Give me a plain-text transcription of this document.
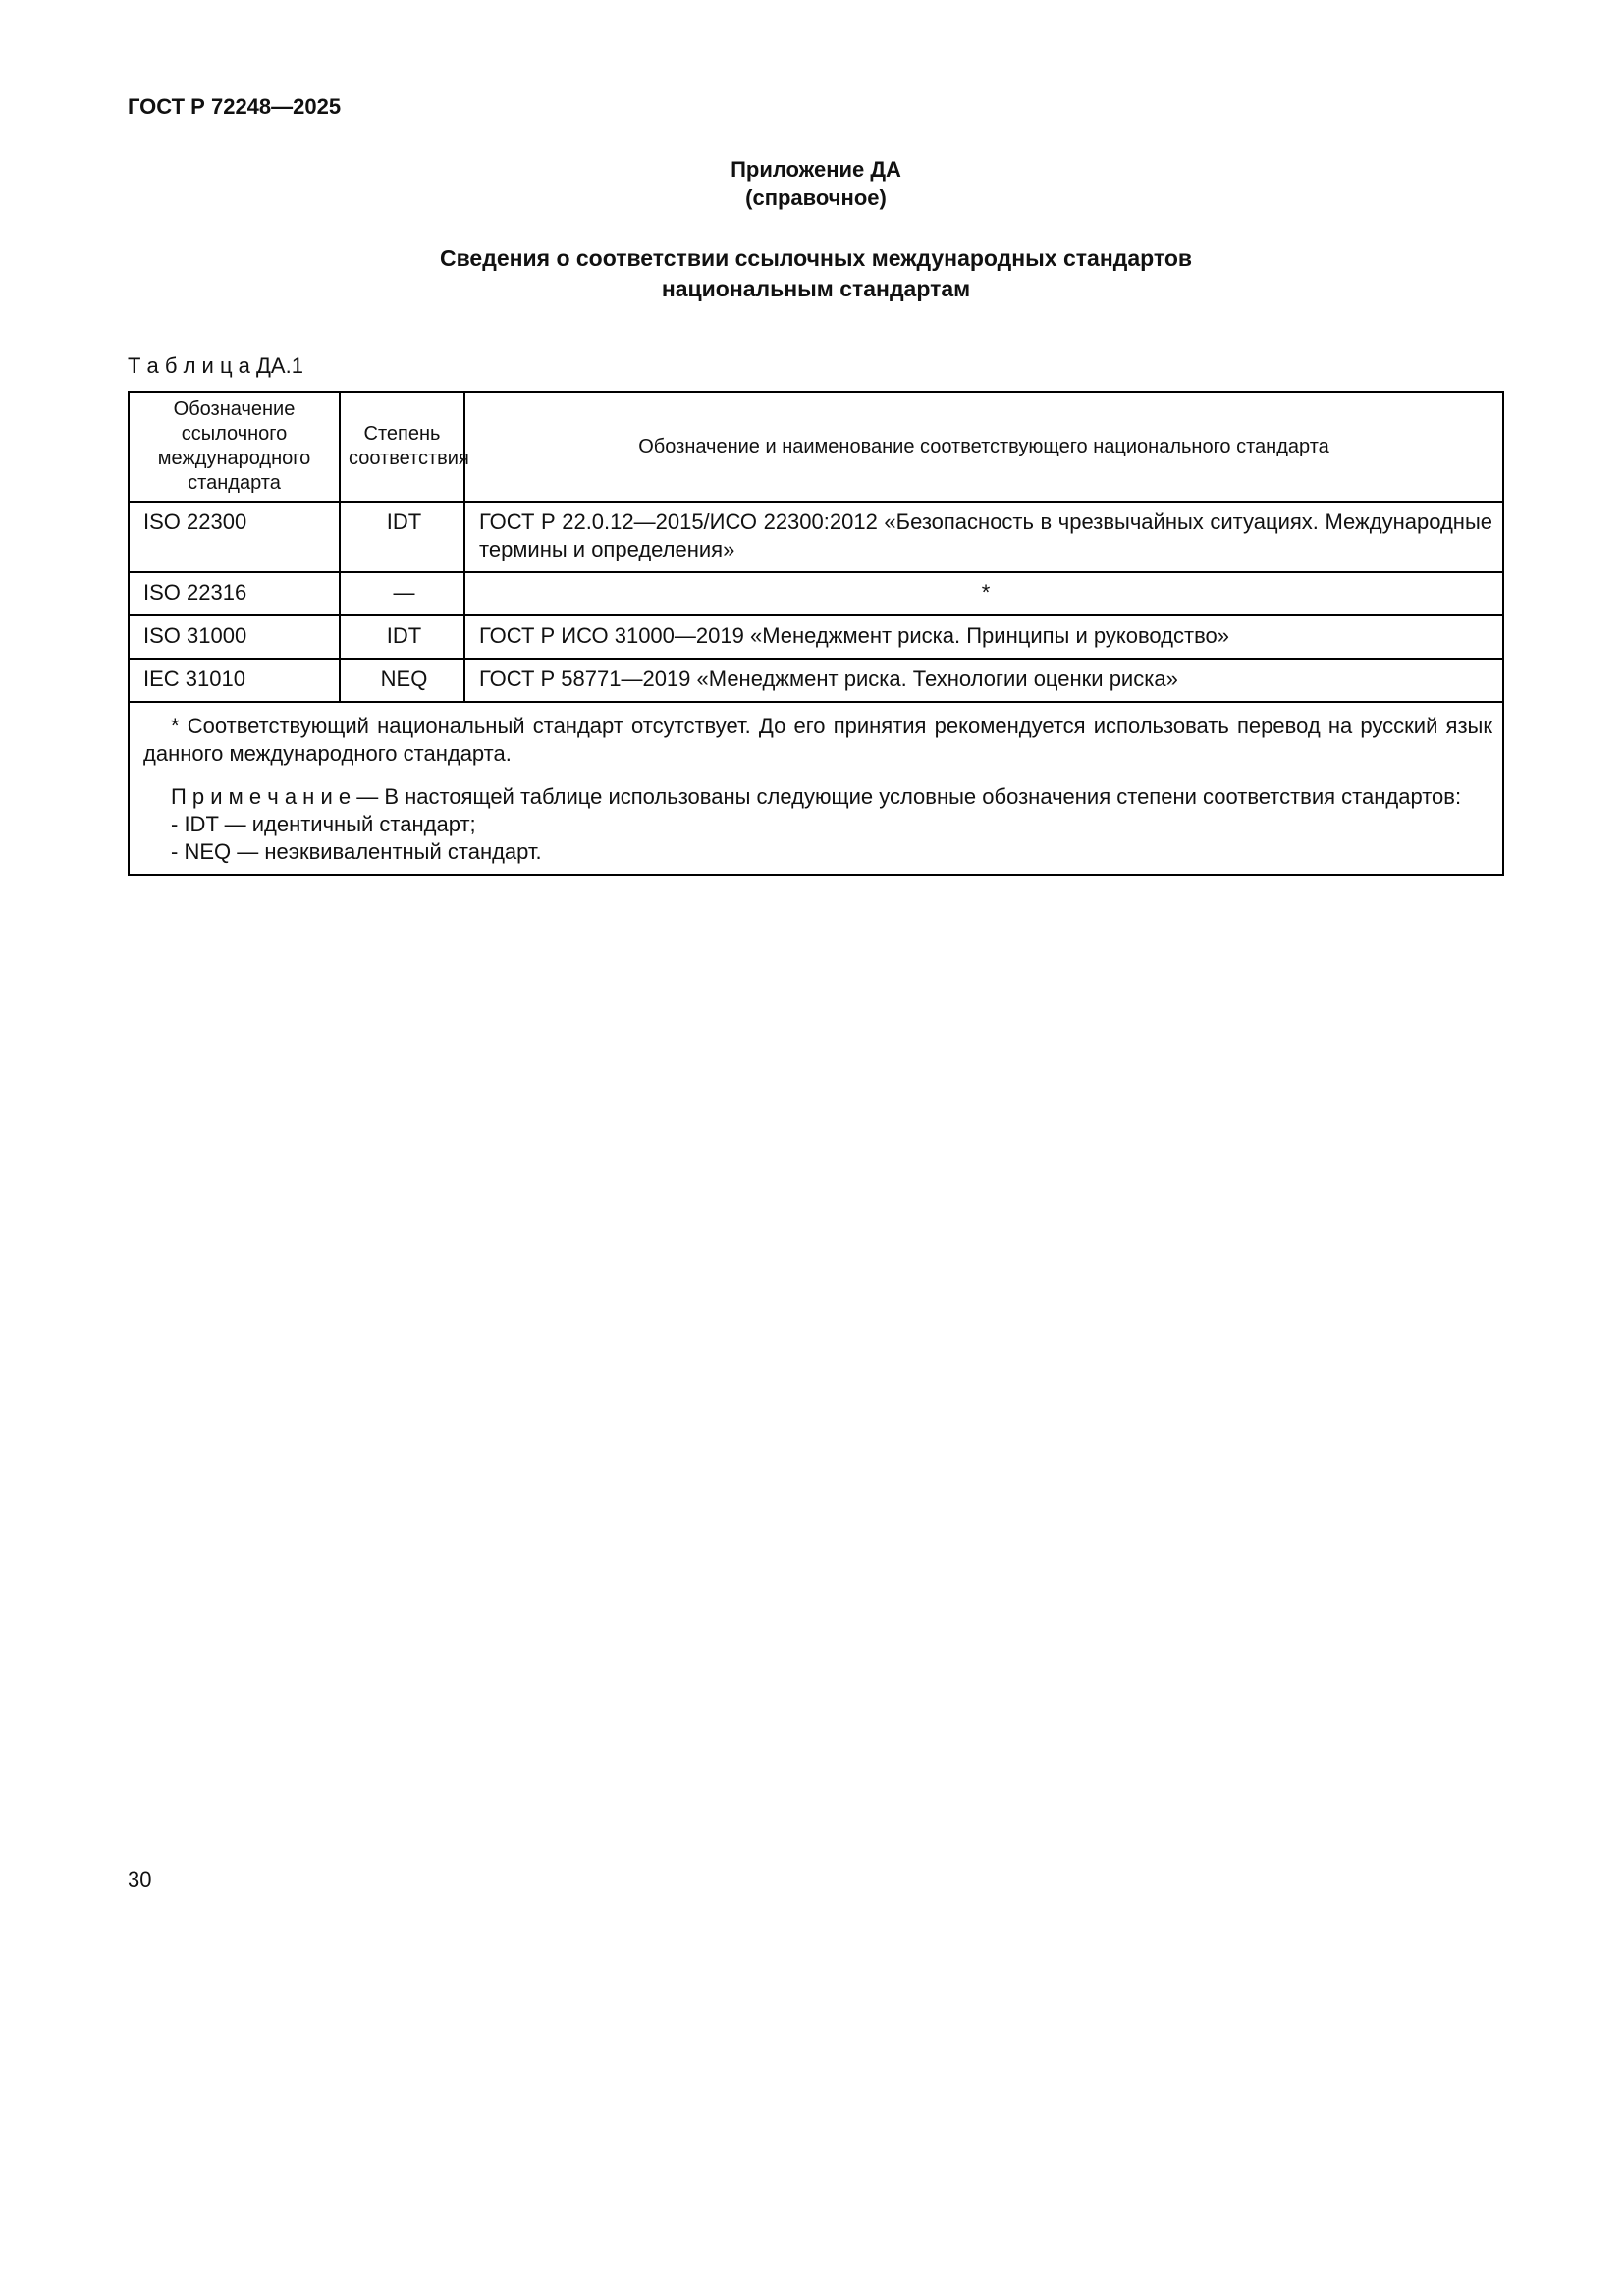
ГОСТ Р 72248—2025
Приложение ДА
(справочное)
Сведения о соответствии ссылочных международных стандартов
национальным стандартам
Т а б л и ц а ДА.1
Обозначение ссылочного международного стандарта	Степень соответствия	Обозначение и наименование соответствующего национального стандарта
ISO 22300	IDT	ГОСТ Р 22.0.12—2015/ИСО 22300:2012 «Безопасность в чрезвычайных ситуациях. Международные термины и определения»
ISO 22316	—	*
ISO 31000	IDT	ГОСТ Р ИСО 31000—2019 «Менеджмент риска. Принципы и руководство»
IEC 31010	NEQ	ГОСТ Р 58771—2019 «Менеджмент риска. Технологии оценки риска»

* Соответствующий национальный стандарт отсутствует. До его принятия рекомендуется использовать перевод на русский язык данного международного стандарта.

П р и м е ч а н и е — В настоящей таблице использованы следующие условные обозначения степени соответствия стандартов:

- IDT — идентичный стандарт;
- NEQ — неэквивалентный стандарт.		
30
